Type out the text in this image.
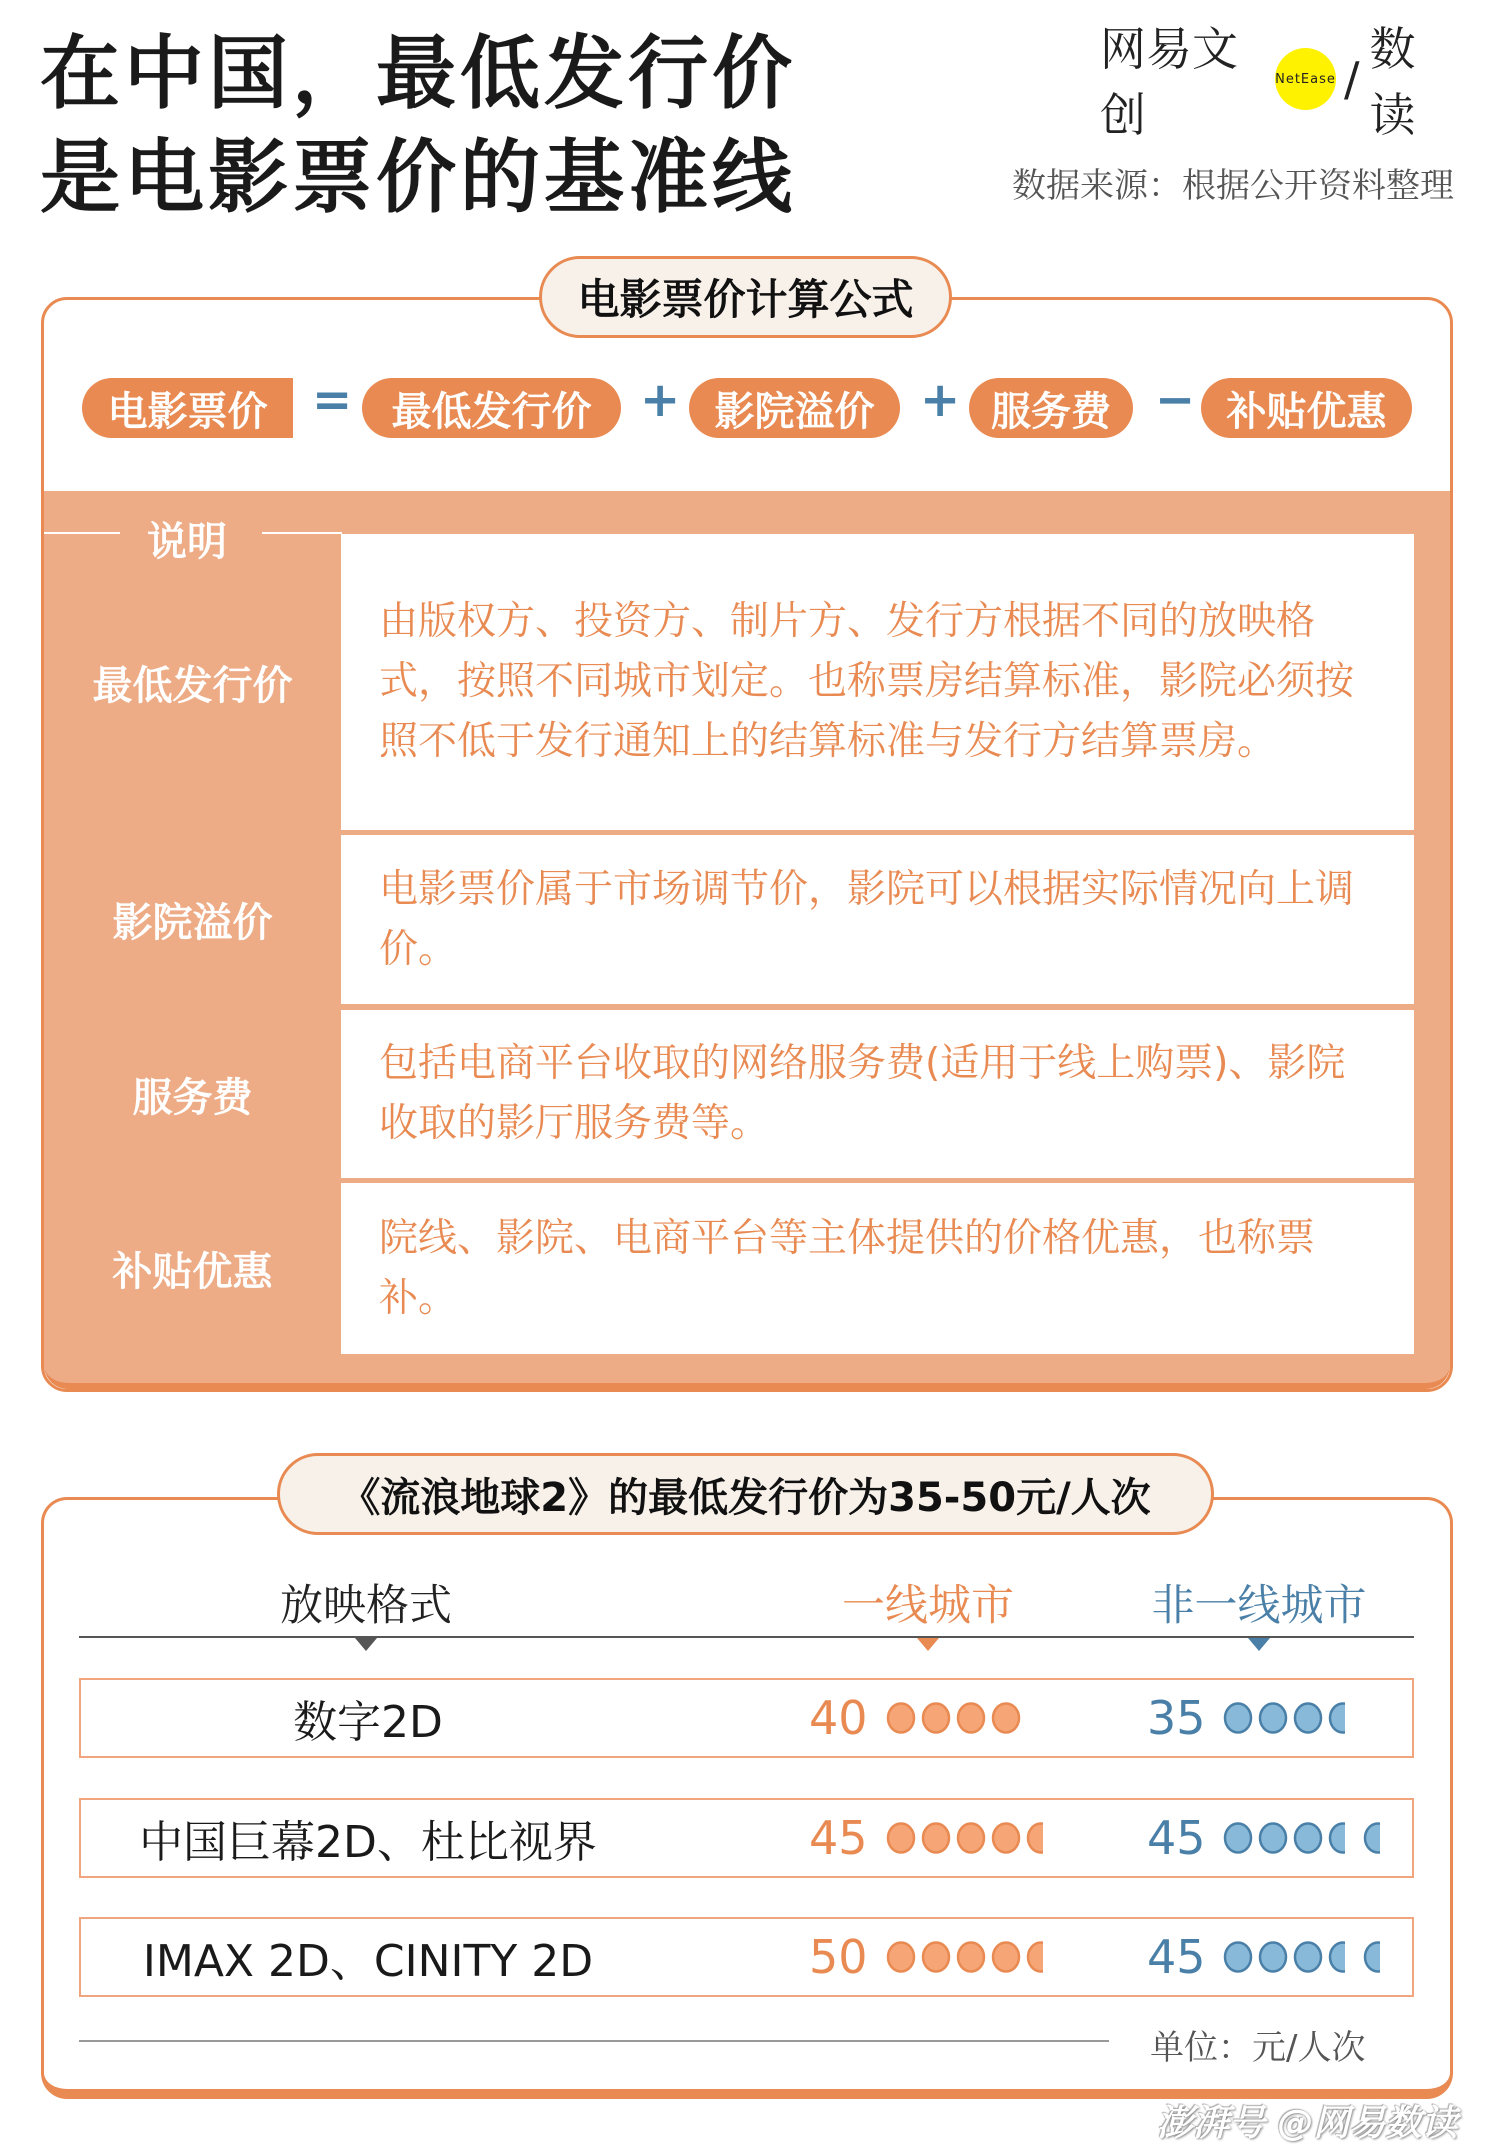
在中国，最低发行价
是电影票价的基准线
网易文创
NetEase /
数读
数据来源：根据公开资料整理
电影票价计算公式
电影票价 = 最低发行价	+ 影院溢价 + 服务费 − 补贴优惠
说明
最低发行价
由版权方、投资方、制片方、发行方根据不同的放映格式，按照不同城市划定。也称票房结算标准，影院必须按照不低于发行通知上的结算标准与发行方结算票房。
影院溢价
电影票价属于市场调节价，影院可以根据实际情况向上调价。
服务费
包括电商平台收取的网络服务费(适用于线上购票)、影院收取的影厅服务费等。
补贴优惠
院线、影院、电商平台等主体提供的价格优惠，也称票补。
《流浪地球2》的最低发行价为35-50元/人次
放映格式	一线城市	非一线城市
数字2D	40	35
中国巨幕2D、杜比视界	45	45
IMAX 2D、CINITY 2D	50	45
单位：元/人次
澎湃号 @网易数读
